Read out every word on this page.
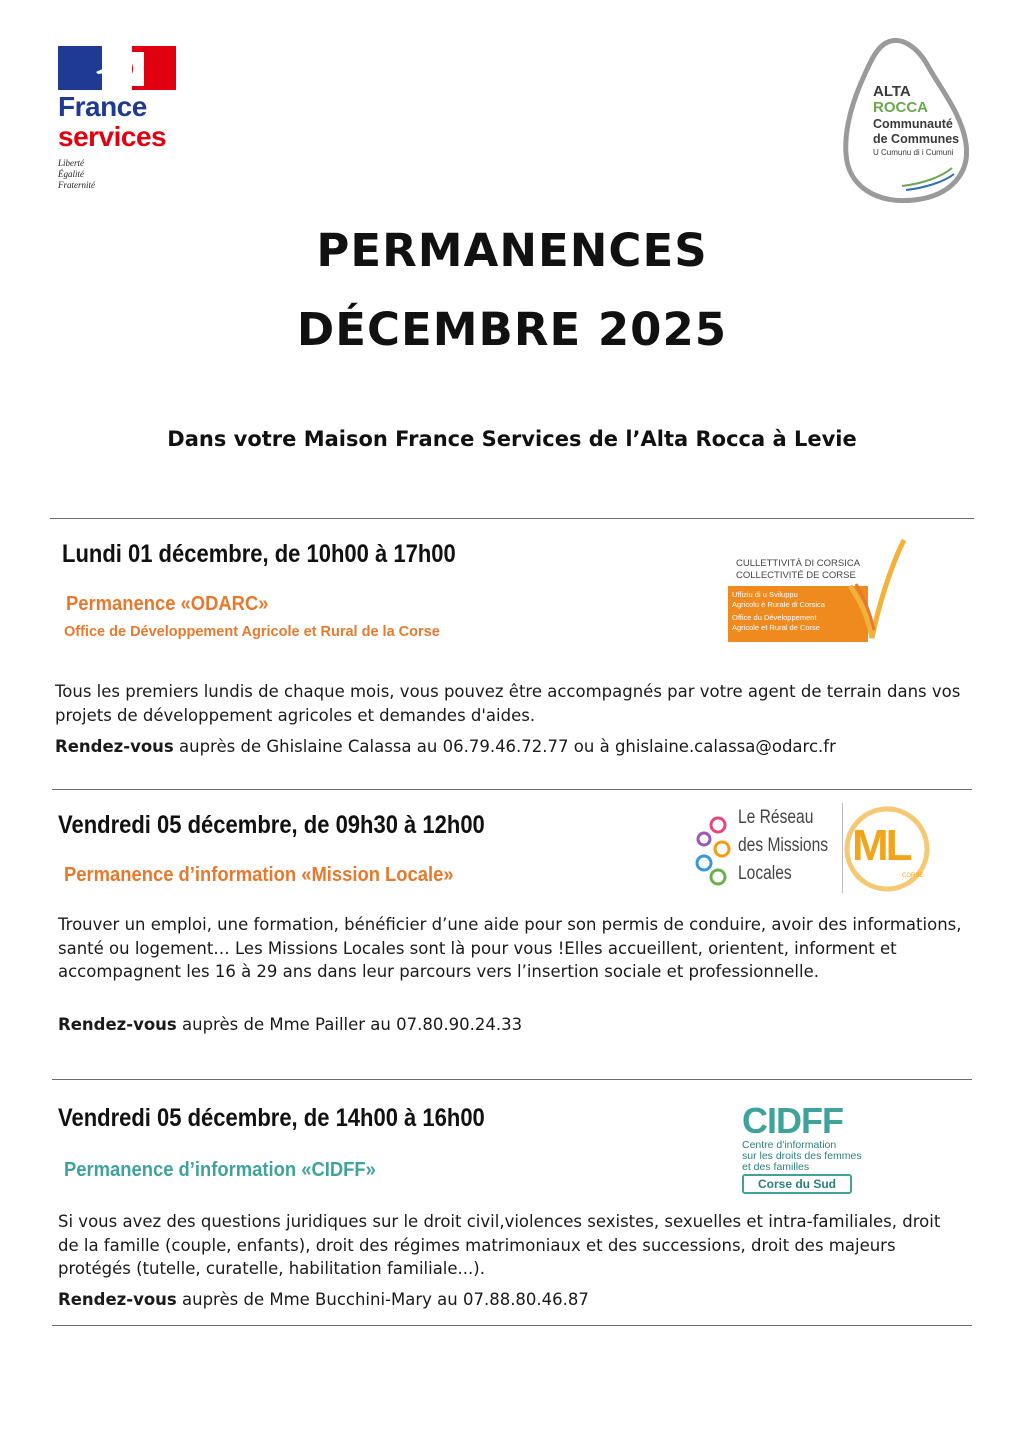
France
services
Liberté
Égalité
Fraternité
ALTA
ROCCA
Communauté
de Communes
U Cumunu di i Cumuni
PERMANENCES
DÉCEMBRE 2025
Dans votre Maison France Services de l’Alta Rocca à Levie
Lundi 01 décembre, de 10h00 à 17h00
Permanence «ODARC»
Office de Développement Agricole et Rural de la Corse
CULLETTIVITÀ DI CORSICA
COLLECTIVITÉ DE CORSE
Uffiziu di u Sviluppu
Agricolu è Rurale di Corsica
Office du Développement
Agricole et Rural de Corse
Tous les premiers lundis de chaque mois, vous pouvez être accompagnés par votre agent de terrain dans vos projets de développement agricoles et demandes d'aides.
Rendez-vous auprès de Ghislaine Calassa au 06.79.46.72.77 ou à ghislaine.calassa@odarc.fr
Vendredi 05 décembre, de 09h30 à 12h00	Le Réseau
des Missions
Locales
ML
CORSE
Permanence d’information «Mission Locale»
Trouver un emploi, une formation, bénéficier d’une aide pour son permis de conduire, avoir des informations, santé ou logement… Les Missions Locales sont là pour vous !Elles accueillent, orientent, informent et accompagnent les 16 à 29 ans dans leur parcours vers l’insertion sociale et professionnelle.
Rendez-vous auprès de Mme Pailler au 07.80.90.24.33
Vendredi 05 décembre, de 14h00 à 16h00	CIDFF
Centre d'information
sur les droits des femmes
et des familles
Corse du Sud
Permanence d’information «CIDFF»
Si vous avez des questions juridiques sur le droit civil,violences sexistes, sexuelles et intra-familiales, droit de la famille (couple, enfants), droit des régimes matrimoniaux et des successions, droit des majeurs protégés (tutelle, curatelle, habilitation familiale...).
Rendez-vous auprès de Mme Bucchini-Mary au 07.88.80.46.87
